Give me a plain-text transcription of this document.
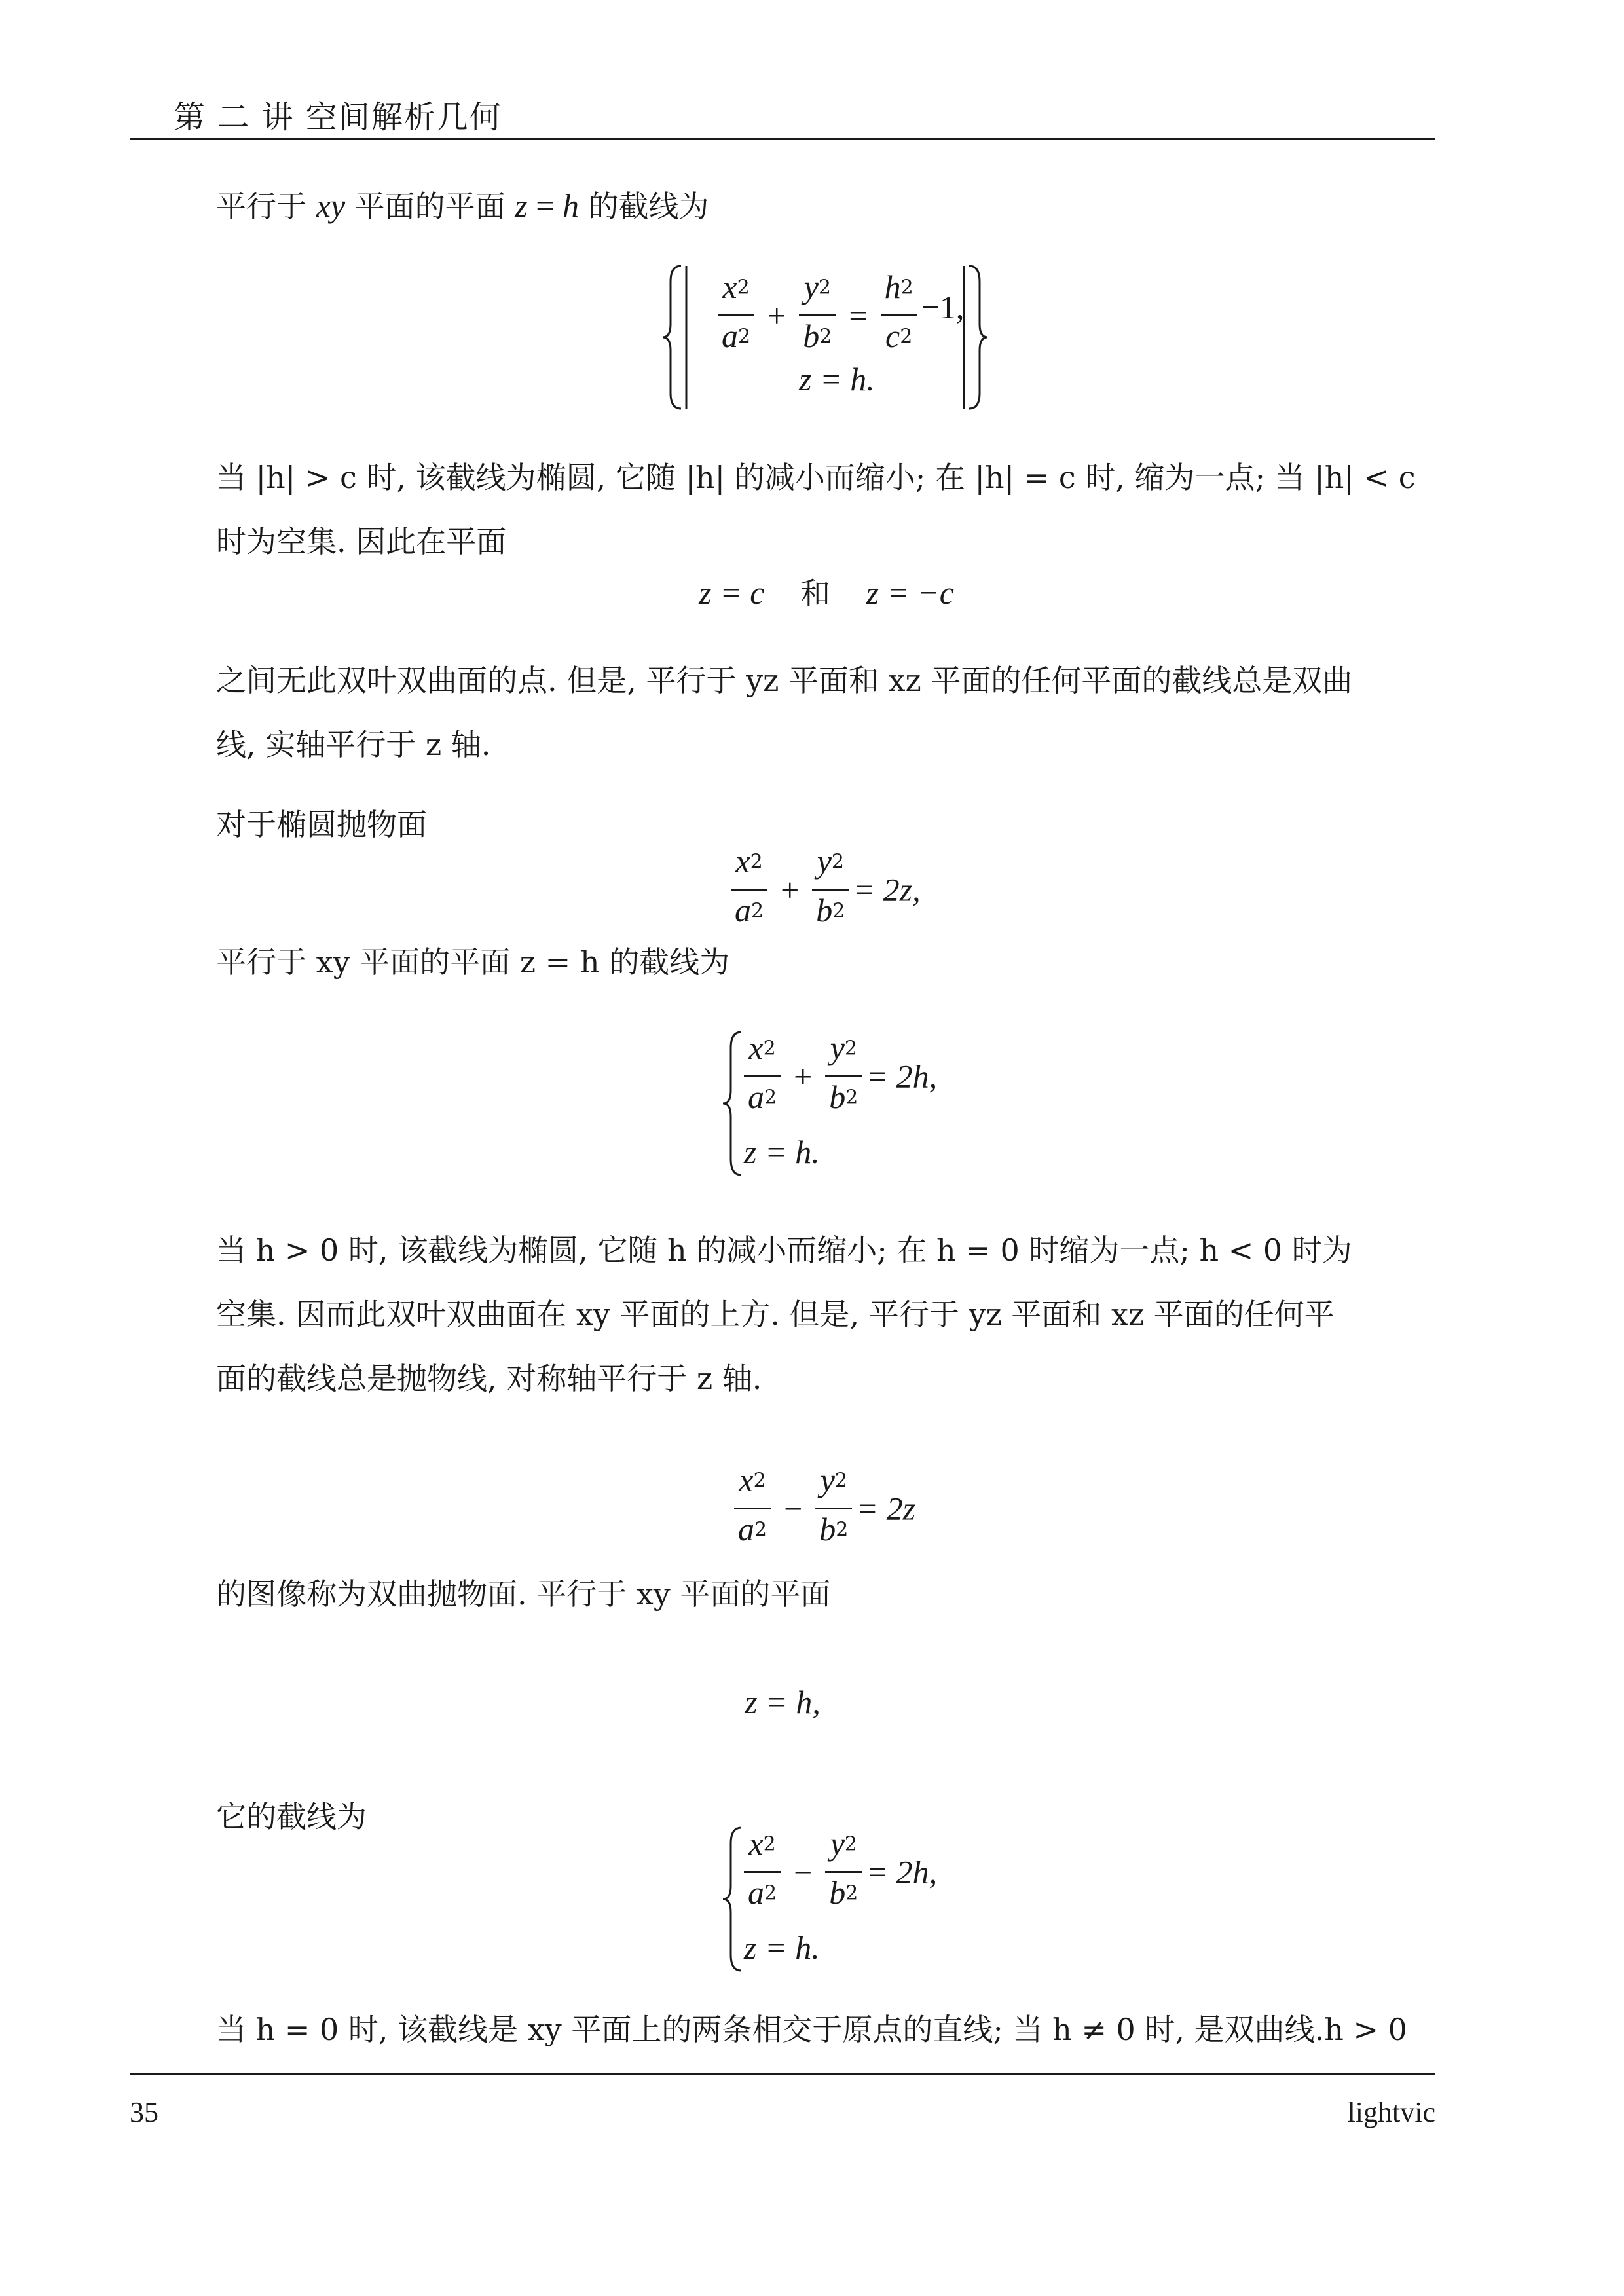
第 二 讲 空间解析几何
平行于 xy 平面的平面 z = h 的截线为
$\frac{x^2}{a^2} + \frac{y^2}{b^2} = \frac{h^2}{c^2} -1$,
z = h.
当 |h| > c 时, 该截线为椭圆, 它随 |h| 的减小而缩小; 在 |h| = c 时, 缩为一点; 当 |h| < c
时为空集. 因此在平面
z = c 和 z = −c
之间无此双叶双曲面的点. 但是, 平行于 yz 平面和 xz 平面的任何平面的截线总是双曲
线, 实轴平行于 z 轴.
对于椭圆抛物面
$\frac{x^2}{a^2} + \frac{y^2}{b^2} = 2z$,
平行于 xy 平面的平面 z = h 的截线为
$\frac{x^2}{a^2} + \frac{y^2}{b^2} = 2h$,
z = h.
当 h > 0 时, 该截线为椭圆, 它随 h 的减小而缩小; 在 h = 0 时缩为一点; h < 0 时为
空集. 因而此双叶双曲面在 xy 平面的上方. 但是, 平行于 yz 平面和 xz 平面的任何平
面的截线总是抛物线, 对称轴平行于 z 轴.
$\frac{x^2}{a^2} - \frac{y^2}{b^2} = 2z$
的图像称为双曲抛物面. 平行于 xy 平面的平面
z = h,
它的截线为
$\frac{x^2}{a^2} - \frac{y^2}{b^2} = 2h$,
z = h.
当 h = 0 时, 该截线是 xy 平面上的两条相交于原点的直线; 当 h ≠ 0 时, 是双曲线.h > 0
35	lightvic
